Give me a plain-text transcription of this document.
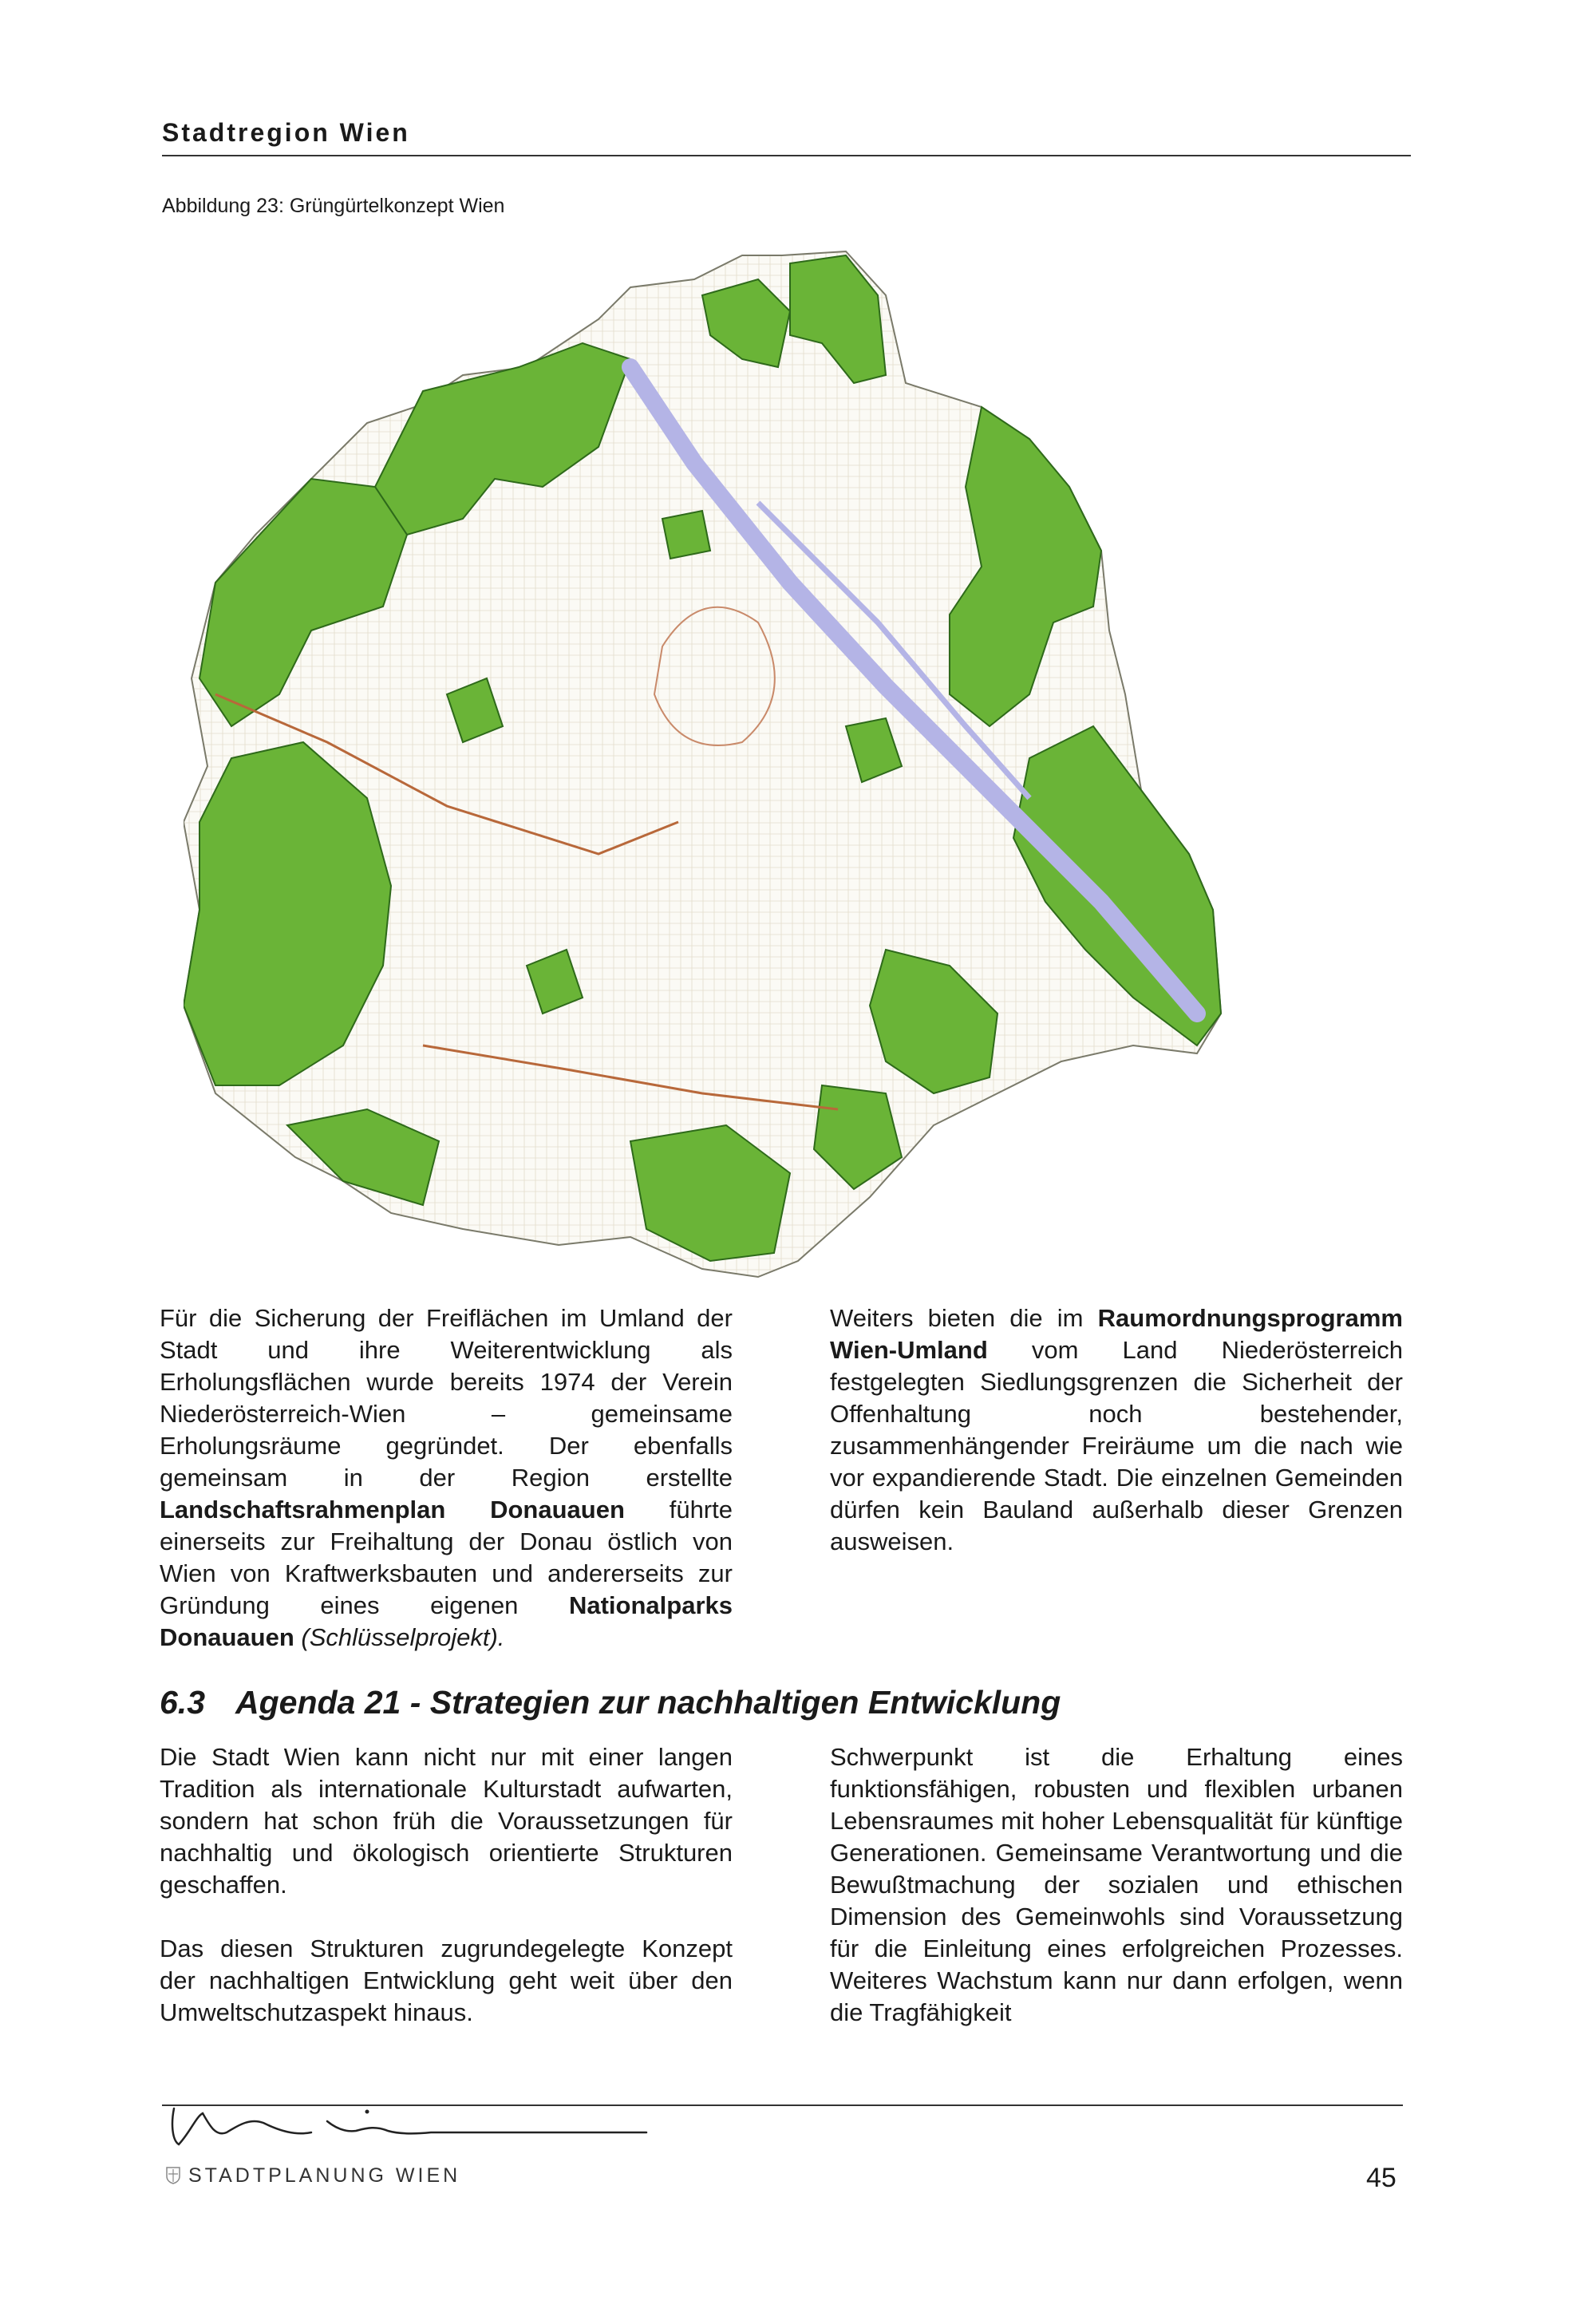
Stadtregion Wien
Abbildung 23: Grüngürtelkonzept Wien

Für die Sicherung der Freiflächen im Umland der Stadt und ihre Weiterentwicklung als Erholungsflächen wurde bereits 1974 der Verein Niederösterreich-Wien – gemeinsame Erholungsräume gegründet. Der ebenfalls gemeinsam in der Region erstellte Landschaftsrahmenplan Donauauen führte einerseits zur Freihaltung der Donau östlich von Wien von Kraftwerksbauten und andererseits zur Gründung eines eigenen Nationalparks Donauauen (Schlüsselprojekt).

Weiters bieten die im Raumordnungsprogramm Wien-Umland vom Land Niederösterreich festgelegten Siedlungsgrenzen die Sicherheit der Offenhaltung noch bestehender, zusammenhängender Freiräume um die nach wie vor expandierende Stadt. Die einzelnen Gemeinden dürfen kein Bauland außerhalb dieser Grenzen ausweisen.

6.3 Agenda 21 - Strategien zur nachhaltigen Entwicklung

Die Stadt Wien kann nicht nur mit einer langen Tradition als internationale Kulturstadt aufwarten, sondern hat schon früh die Voraussetzungen für nachhaltig und ökologisch orientierte Strukturen geschaffen.

Das diesen Strukturen zugrundegelegte Konzept der nachhaltigen Entwicklung geht weit über den Umweltschutzaspekt hinaus.

Schwerpunkt ist die Erhaltung eines funktionsfähigen, robusten und flexiblen urbanen Lebensraumes mit hoher Lebensqualität für künftige Generationen. Gemeinsame Verantwortung und die Bewußtmachung der sozialen und ethischen Dimension des Gemeinwohls sind Voraussetzung für die Einleitung eines erfolgreichen Prozesses. Weiteres Wachstum kann nur dann erfolgen, wenn die Tragfähigkeit

STADTPLANUNG WIEN	45
